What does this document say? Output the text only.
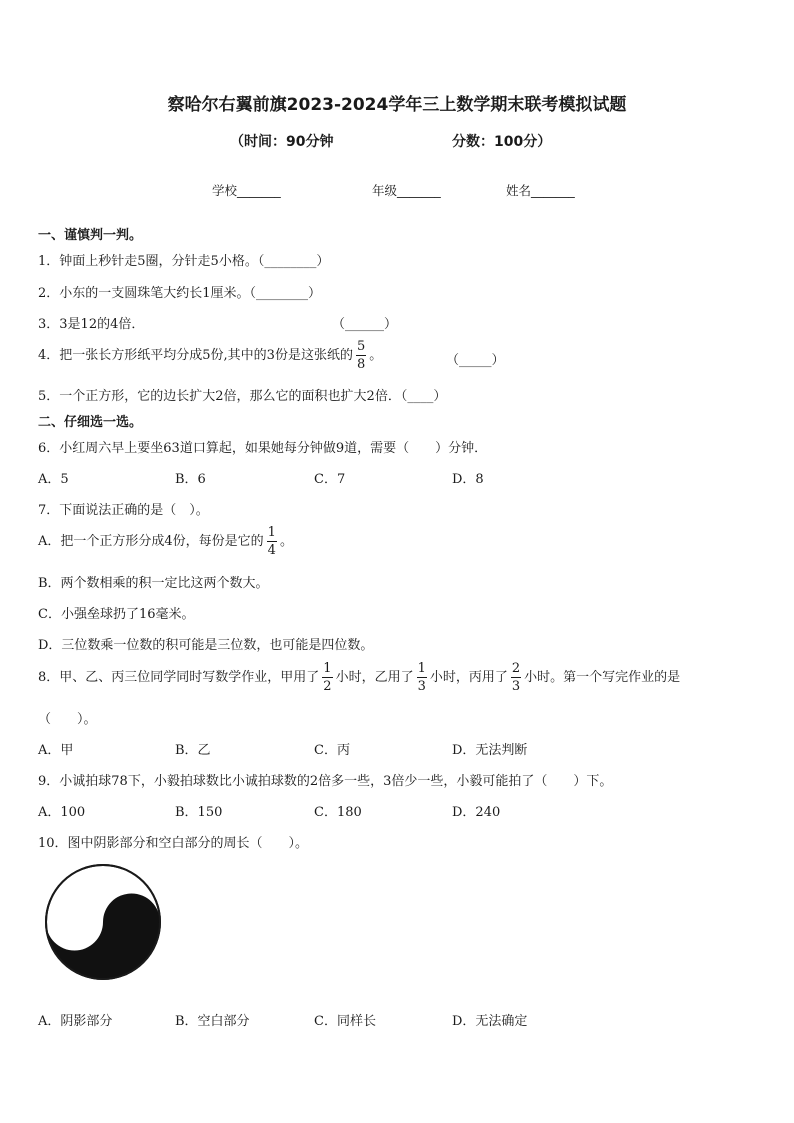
察哈尔右翼前旗2023-2024学年三上数学期末联考模拟试题
（时间：90分钟	分数：100分）
学校_______	年级_______	姓名_______
一、谨慎判一判。
1．钟面上秒针走5圈，分针走5小格。（________）
2．小东的一支圆珠笔大约长1厘米。（________）
3．3是12的4倍．	（______）
4．把一张长方形纸平均分成5份,其中的3份是这张纸的 $\frac{5}{8}$ 。	（_____）
5．一个正方形，它的边长扩大2倍，那么它的面积也扩大2倍．（____）
二、仔细选一选。
6．小红周六早上要坐63道口算起，如果她每分钟做9道，需要（　　）分钟．
A．5	B．6	C．7	D．8
7．下面说法正确的是（　）。
A．把一个正方形分成4份，每份是它的 $\frac{1}{4}$ 。
B．两个数相乘的积一定比这两个数大。
C．小强垒球扔了16毫米。
D．三位数乘一位数的积可能是三位数，也可能是四位数。
8．甲、乙、丙三位同学同时写数学作业，甲用了 $\frac{1}{2}$ 小时，乙用了 $\frac{1}{3}$ 小时，丙用了 $\frac{2}{3}$ 小时。第一个写完作业的是
（　　）。
A．甲	B．乙	C．丙	D．无法判断
9．小诚拍球78下，小毅拍球数比小诚拍球数的2倍多一些，3倍少一些，小毅可能拍了（　　）下。
A．100	B．150	C．180	D．240
10．图中阴影部分和空白部分的周长（　　）。
A．阴影部分	B．空白部分	C．同样长	D．无法确定
